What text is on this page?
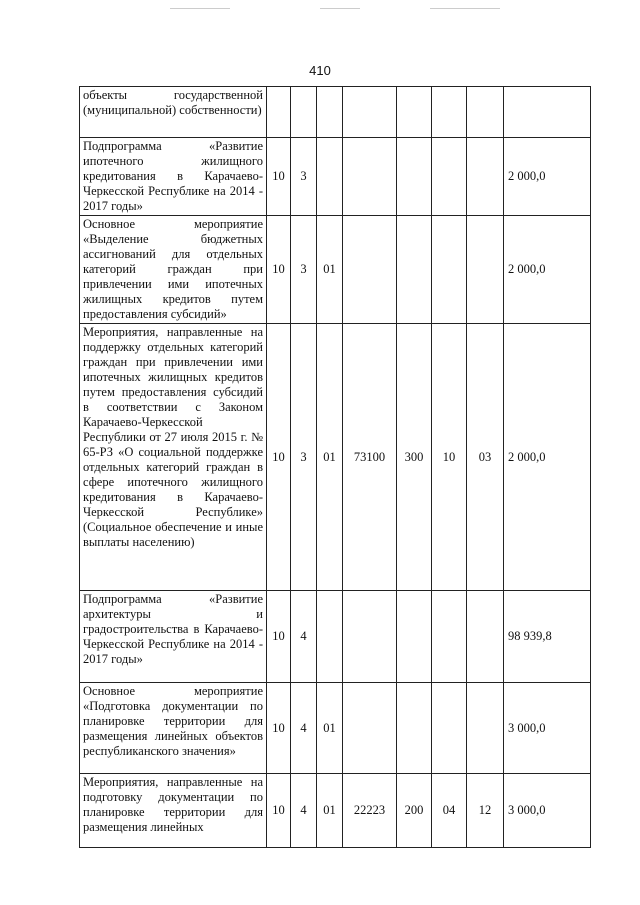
410
объекты государственной (муниципальной) собственности)								

Подпрограмма «Развитие ипотечного жилищного кредитования в Карачаево-Черкесской Республике на 2014 - 2017 годы»	10	3						2 000,0

Основное мероприятие «Выделение бюджетных ассигнований для отдельных категорий граждан при привлечении ими ипотечных жилищных кредитов путем предоставления субсидий»	10	3	01					2 000,0

Мероприятия, направленные на поддержку отдельных категорий граждан при привлечении ими ипотечных жилищных кредитов путем предоставления субсидий в соответствии с Законом Карачаево-Черкесской Республики от 27 июля 2015 г. № 65-РЗ «О социальной поддержке отдельных категорий граждан в сфере ипотечного жилищного кредитования в Карачаево-Черкесской Республике» (Социальное обеспечение и иные выплаты населению)	10	3	01	73100	300	10	03	2 000,0

Подпрограмма «Развитие архитектуры и градостроительства в Карачаево-Черкесской Республике на 2014 - 2017 годы»	10	4						98 939,8

Основное мероприятие «Подготовка документации по планировке территории для размещения линейных объектов республиканского значения»	10	4	01					3 000,0

Мероприятия, направленные на подготовку документации по планировке территории для размещения линейных	10	4	01	22223	200	04	12	3 000,0
